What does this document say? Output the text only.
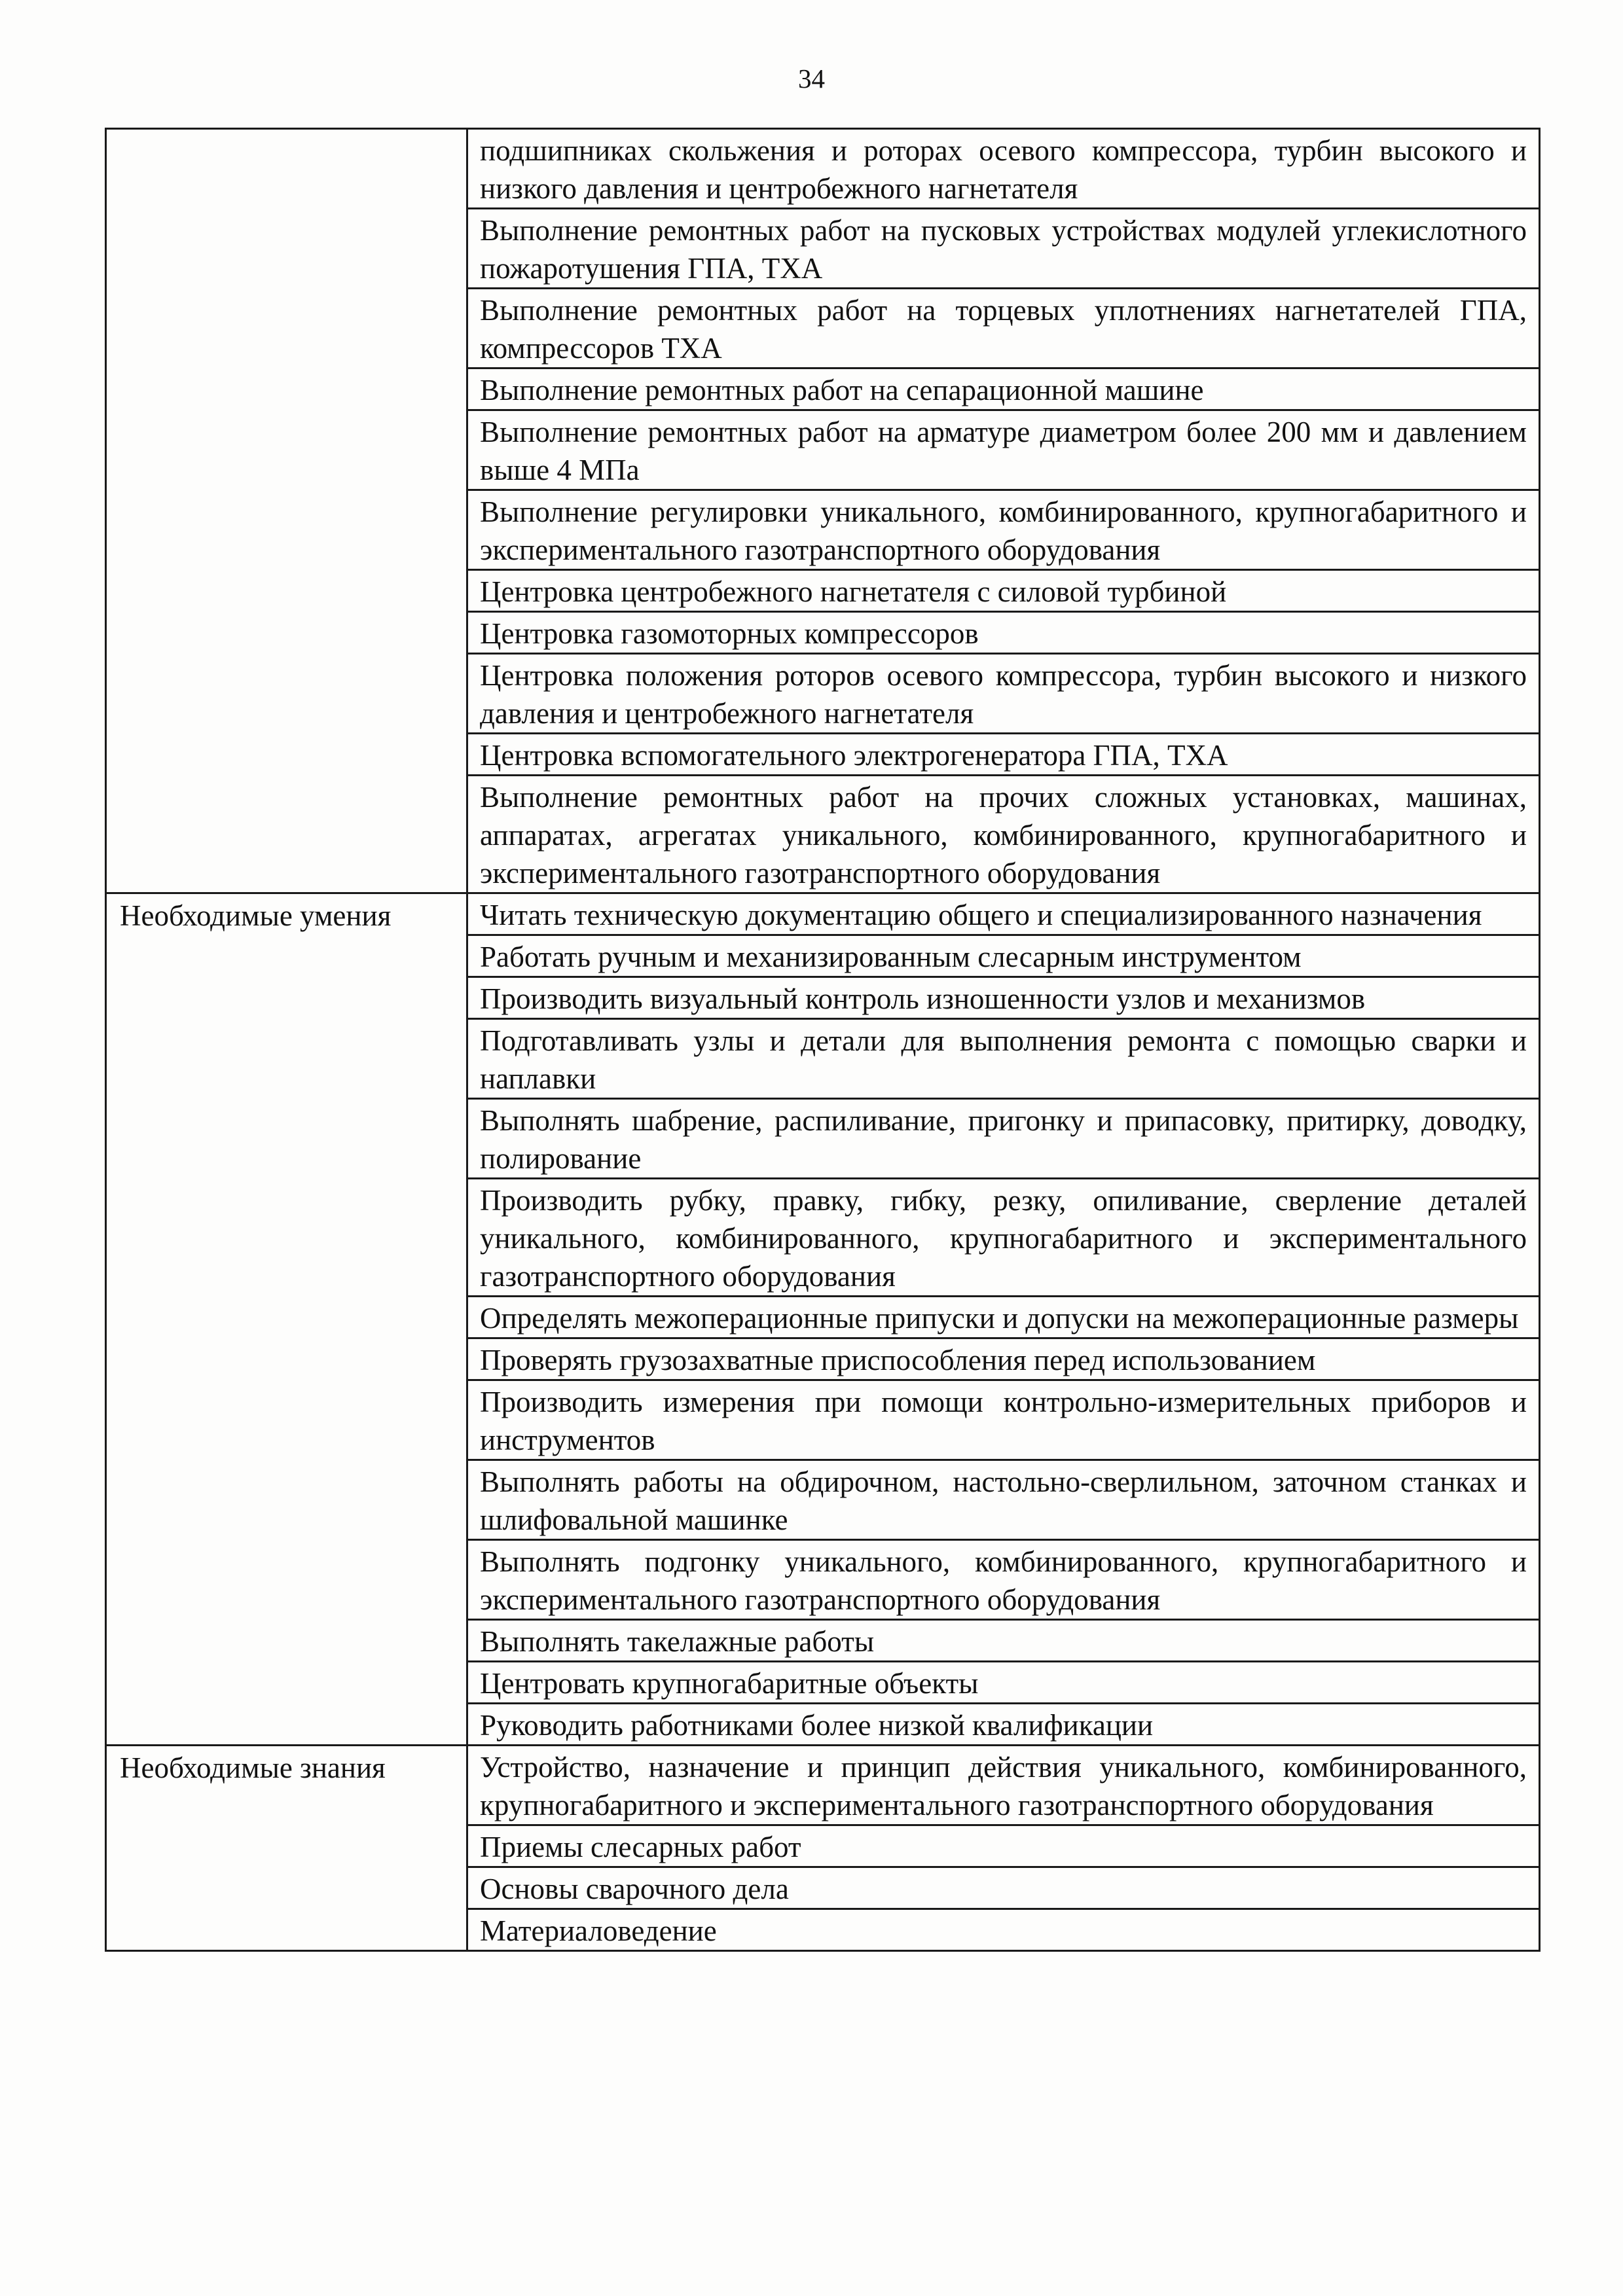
34
	подшипниках скольжения и роторах осевого компрессора, турбин высокого и низкого давления и центробежного нагнетателя
	Выполнение ремонтных работ на пусковых устройствах модулей углекислотного пожаротушения ГПА, ТХА
	Выполнение ремонтных работ на торцевых уплотнениях нагнетателей ГПА, компрессоров ТХА
	Выполнение ремонтных работ на сепарационной машине
	Выполнение ремонтных работ на арматуре диаметром более 200 мм и давлением выше 4 МПа
	Выполнение регулировки уникального, комбинированного, крупногабаритного и экспериментального газотранспортного оборудования
	Центровка центробежного нагнетателя с силовой турбиной
	Центровка газомоторных компрессоров
	Центровка положения роторов осевого компрессора, турбин высокого и низкого давления и центробежного нагнетателя
	Центровка вспомогательного электрогенератора ГПА, ТХА
	Выполнение ремонтных работ на прочих сложных установках, машинах, аппаратах, агрегатах уникального, комбинированного, крупногабаритного и экспериментального газотранспортного оборудования
Необходимые умения	Читать техническую документацию общего и специализированного назначения
	Работать ручным и механизированным слесарным инструментом
	Производить визуальный контроль изношенности узлов и механизмов
	Подготавливать узлы и детали для выполнения ремонта с помощью сварки и наплавки
	Выполнять шабрение, распиливание, пригонку и припасовку, притирку, доводку, полирование
	Производить рубку, правку, гибку, резку, опиливание, сверление деталей уникального, комбинированного, крупногабаритного и экспериментального газотранспортного оборудования
	Определять межоперационные припуски и допуски на межоперационные размеры
	Проверять грузозахватные приспособления перед использованием
	Производить измерения при помощи контрольно-измерительных приборов и инструментов
	Выполнять работы на обдирочном, настольно-сверлильном, заточном станках и шлифовальной машинке
	Выполнять подгонку уникального, комбинированного, крупногабаритного и экспериментального газотранспортного оборудования
	Выполнять такелажные работы
	Центровать крупногабаритные объекты
	Руководить работниками более низкой квалификации
Необходимые знания	Устройство, назначение и принцип действия уникального, комбинированного, крупногабаритного и экспериментального газотранспортного оборудования
	Приемы слесарных работ
	Основы сварочного дела
	Материаловедение
